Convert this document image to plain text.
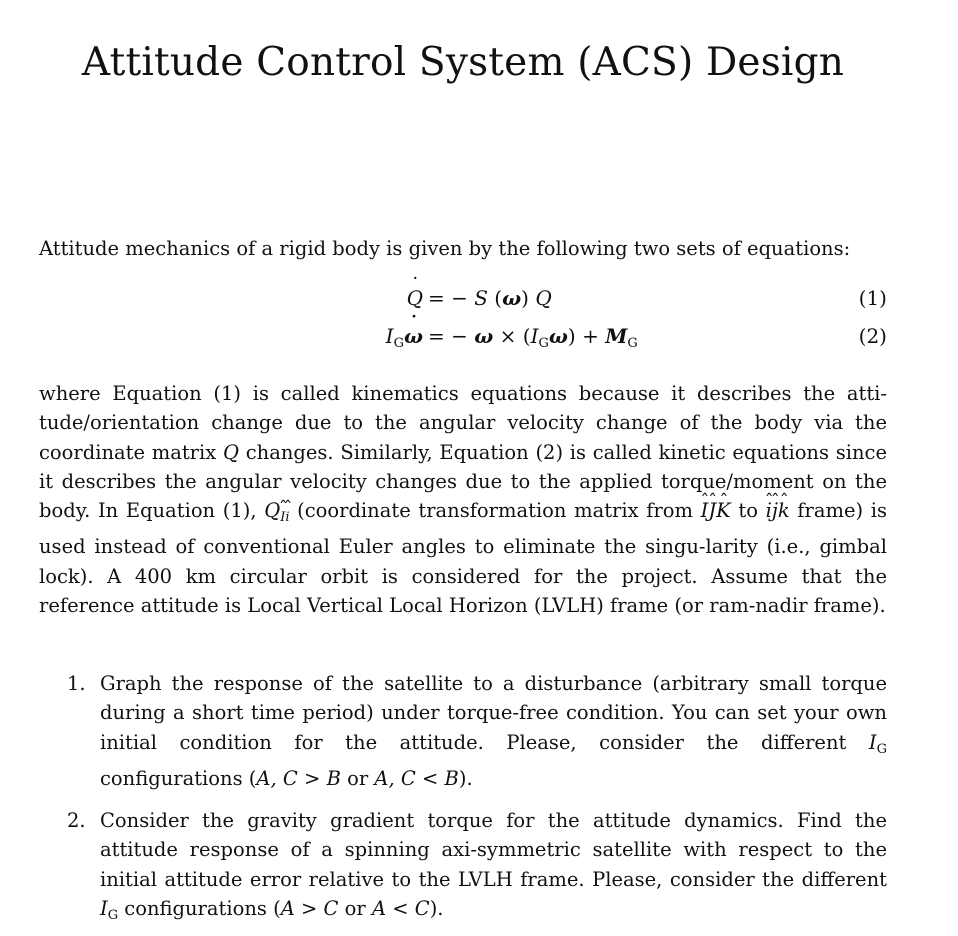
Attitude Control System (ACS) Design
Attitude mechanics of a rigid body is given by the following two sets of equations:
˙ Q = − S (ω) Q	(1)
$I_G˙$ ω = − $\omega \times (I_G\omega) + M_G$	(2)
where Equation (1) is called kinematics equations because it describes the atti-tude/orientation change due to the angular velocity change of the body via the coordinate matrix Q changes. Similarly, Equation (2) is called kinetic equations since it describes the angular velocity changes due to the applied torque/moment on the body. In Equation (1), Qˆ $_{Iˆ i}$ (coordinate transformation matrix from ˆ Iˆ Jˆ K to ˆ iˆ jˆ k frame) is used instead of conventional Euler angles to eliminate the singu-larity (i.e., gimbal lock). A 400 km circular orbit is considered for the project. Assume that the reference attitude is Local Vertical Local Horizon (LVLH) frame (or ram-nadir frame).
1. Graph the response of the satellite to a disturbance (arbitrary small torque during a short time period) under torque-free condition. You can set your own initial condition for the attitude. Please, consider the different $I_G$ configurations (A, C > B or A, C < B).
2. Consider the gravity gradient torque for the attitude dynamics. Find the attitude response of a spinning axi-symmetric satellite with respect to the initial attitude error relative to the LVLH frame. Please, consider the different $I_G$ configurations (A > C or A < C).
